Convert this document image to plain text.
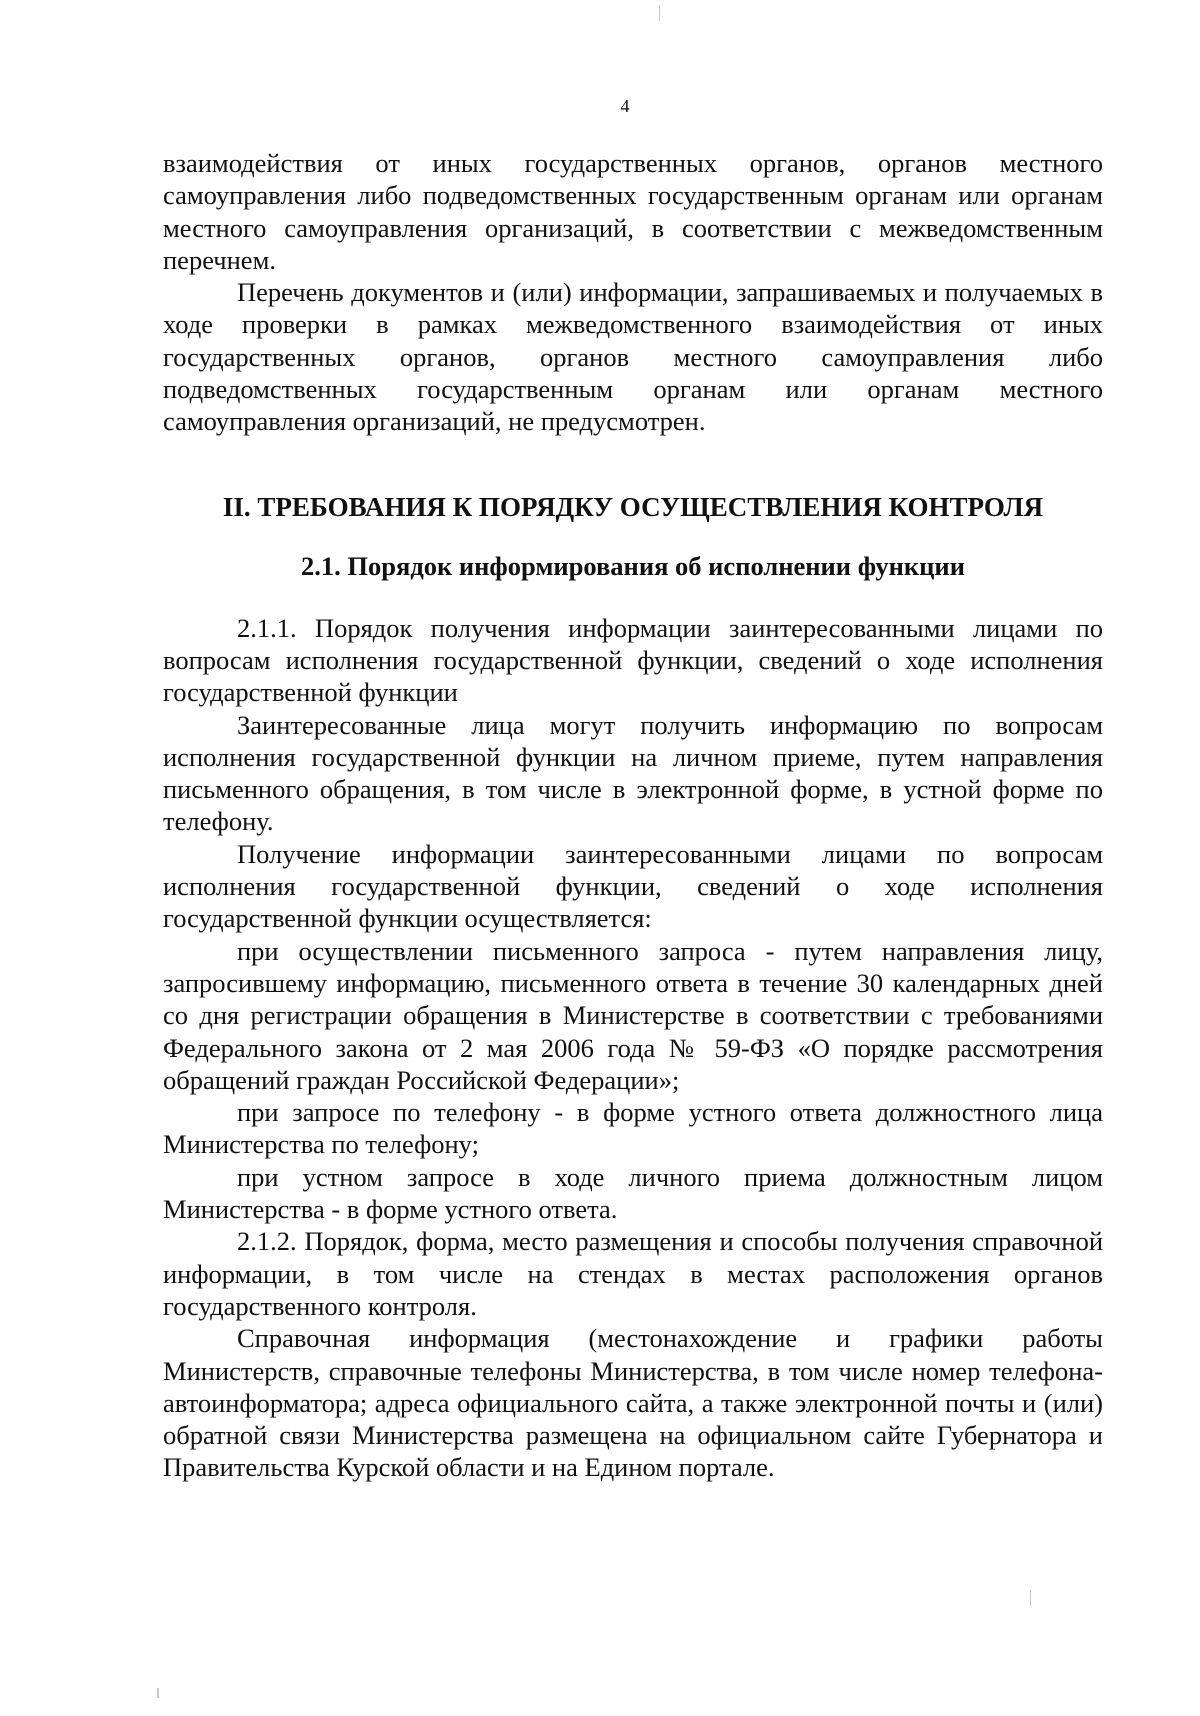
4

взаимодействия от иных государственных органов, органов местного самоуправления либо подведомственных государственным органам или органам местного самоуправления организаций, в соответствии с межведомственным перечнем.

Перечень документов и (или) информации, запрашиваемых и получаемых в ходе проверки в рамках межведомственного взаимодействия от иных государственных органов, органов местного самоуправления либо подведомственных государственным органам или органам местного самоуправления организаций, не предусмотрен.

II. ТРЕБОВАНИЯ К ПОРЯДКУ ОСУЩЕСТВЛЕНИЯ КОНТРОЛЯ
2.1. Порядок информирования об исполнении функции

2.1.1. Порядок получения информации заинтересованными лицами по вопросам исполнения государственной функции, сведений о ходе исполнения государственной функции

Заинтересованные лица могут получить информацию по вопросам исполнения государственной функции на личном приеме, путем направления письменного обращения, в том числе в электронной форме, в устной форме по телефону.

Получение информации заинтересованными лицами по вопросам исполнения государственной функции, сведений о ходе исполнения государственной функции осуществляется:

при осуществлении письменного запроса - путем направления лицу, запросившему информацию, письменного ответа в течение 30 календарных дней со дня регистрации обращения в Министерстве в соответствии с требованиями Федерального закона от 2 мая 2006 года № 59-ФЗ «О порядке рассмотрения обращений граждан Российской Федерации»;

при запросе по телефону - в форме устного ответа должностного лица Министерства по телефону;

при устном запросе в ходе личного приема должностным лицом Министерства - в форме устного ответа.

2.1.2. Порядок, форма, место размещения и способы получения справочной информации, в том числе на стендах в местах расположения органов государственного контроля.

Справочная информация (местонахождение и графики работы Министерств, справочные телефоны Министерства, в том числе номер телефона-автоинформатора; адреса официального сайта, а также электронной почты и (или) обратной связи Министерства размещена на официальном сайте Губернатора и Правительства Курской области и на Едином портале.
